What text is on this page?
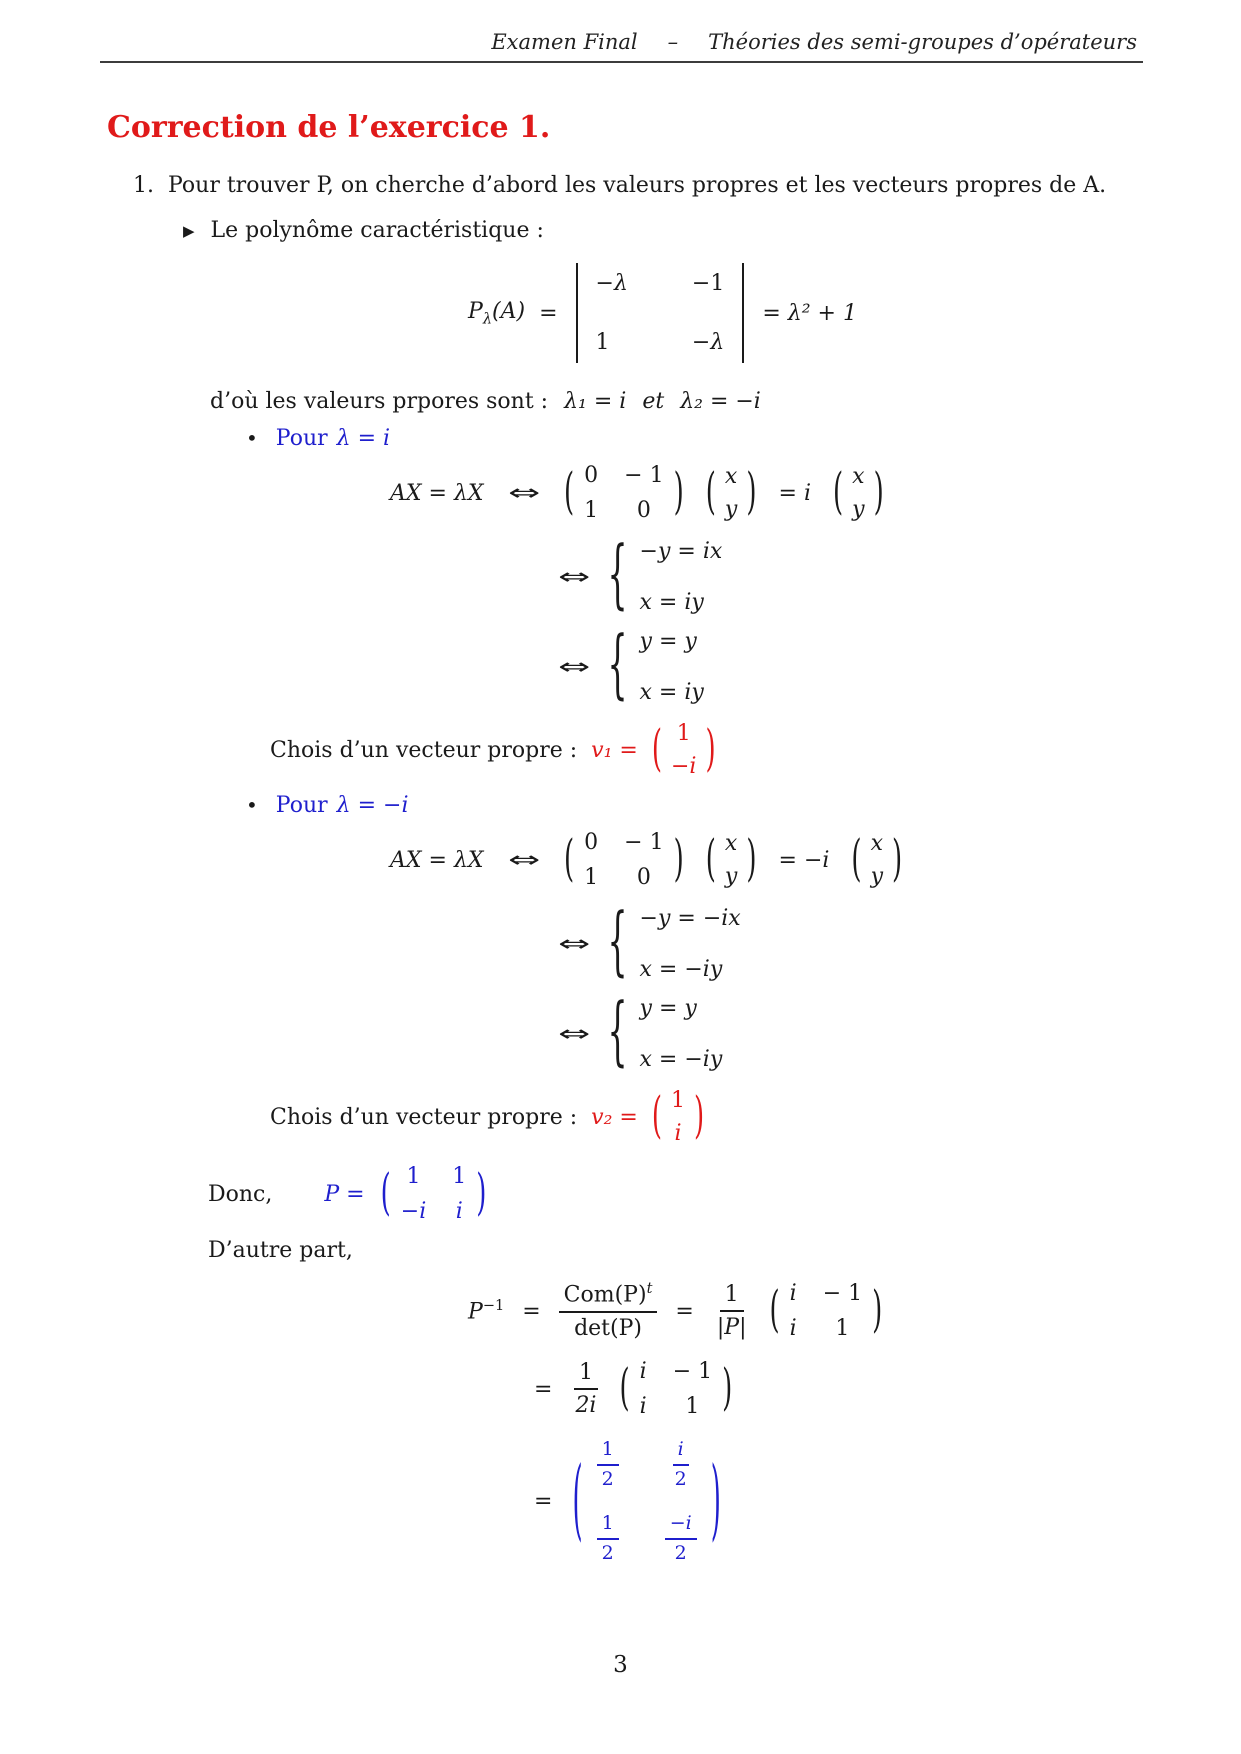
Examen Final – Théories des semi-groupes d’opérateurs
Correction de l’exercice 1.
1. Pour trouver P, on cherche d’abord les valeurs propres et les vecteurs propres de A.
▶ Le polynôme caractéristique :
$P_\lambda(A)$ =
−λ	−1
1	−λ
= λ² + 1
d’où les valeurs prpores sont : λ₁ = i et λ₂ = −i
• Pour λ = i
AX = λX ⇔ ( 0 − 1
1 0 ) ( x
y ) = i ( x
y )
⇔ { −y = ix
x = iy
⇔ { y = y
x = iy
Chois d’un vecteur propre : v₁ = ( 1
−i )
• Pour λ = −i
AX = λX ⇔ ( 0 − 1
1 0 ) ( x
y ) = −i ( x
y )
⇔ { −y = −ix
x = −iy
⇔ { y = y
x = −iy
Chois d’un vecteur propre : v₂ = ( 1
i )
Donc, P = ( 1 1
−i i )
D’autre part,
$P^{-1} = \frac{Com(P)^t}{\det(P)} = \frac{1}{|P|}$ ( i − 1
i 1 )
= $\frac{1}{2i}$ ( i − 1
i 1 )
= ( $\frac{1}{2}$	$\frac{i}{2}$
$\frac{1}{2} \frac{-i}{2}$ )
3
